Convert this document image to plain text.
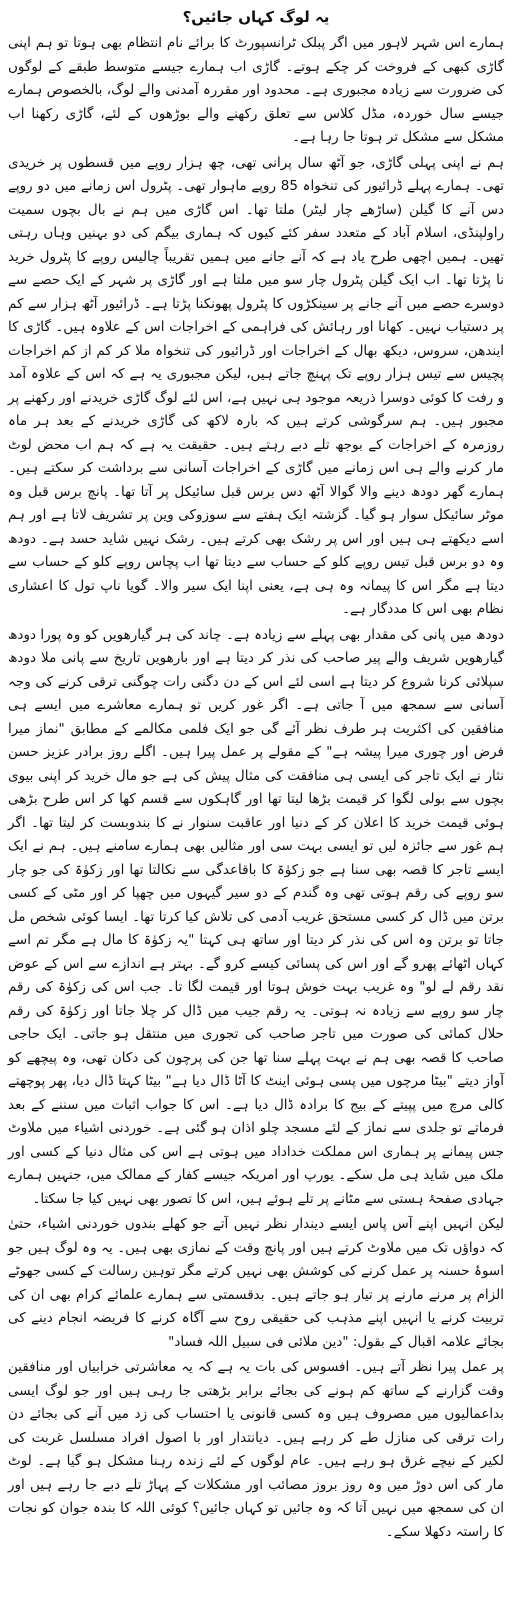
یہ لوگ کہاں جائیں؟

ہمارے اس شہر لاہور میں اگر پبلک ٹرانسپورٹ کا برائے نام انتظام بھی ہوتا تو ہم اپنی گاڑی کبھی کے فروخت کر چکے ہوتے۔ گاڑی اب ہمارے جیسے متوسط طبقے کے لوگوں کی ضرورت سے زیادہ مجبوری ہے۔ محدود اور مقررہ آمدنی والے لوگ، بالخصوص ہمارے جیسے سال خوردہ، مڈل کلاس سے تعلق رکھنے والے بوڑھوں کے لئے، گاڑی رکھنا اب مشکل سے مشکل تر ہوتا جا رہا ہے۔

ہم نے اپنی پہلی گاڑی، جو آٹھ سال پرانی تھی، چھ ہزار روپے میں قسطوں پر خریدی تھی۔ ہمارے پہلے ڈرائیور کی تنخواہ 85 روپے ماہوار تھی۔ پٹرول اس زمانے میں دو روپے دس آنے کا گیلن (ساڑھے چار لیٹر) ملتا تھا۔ اس گاڑی میں ہم نے بال بچوں سمیت راولپنڈی، اسلام آباد کے متعدد سفر کئے کیوں کہ ہماری بیگم کی دو بہنیں وہاں رہتی تھیں۔ ہمیں اچھی طرح یاد ہے کہ آنے جانے میں ہمیں تقریباً چالیس روپے کا پٹرول خرید نا پڑتا تھا۔ اب ایک گیلن پٹرول چار سو میں ملتا ہے اور گاڑی پر شہر کے ایک حصے سے دوسرے حصے میں آنے جانے پر سینکڑوں کا پٹرول پھونکنا پڑتا ہے۔ ڈرائیور آٹھ ہزار سے کم پر دستیاب نہیں۔ کھانا اور رہائش کی فراہمی کے اخراجات اس کے علاوہ ہیں۔ گاڑی کا ایندھن، سروس، دیکھ بھال کے اخراجات اور ڈرائیور کی تنخواہ ملا کر کم از کم اخراجات پچیس سے تیس ہزار روپے تک پہنچ جاتے ہیں، لیکن مجبوری یہ ہے کہ اس کے علاوہ آمد و رفت کا کوئی دوسرا ذریعہ موجود ہی نہیں ہے، اس لئے لوگ گاڑی خریدنے اور رکھنے پر مجبور ہیں۔ ہم سرگوشی کرتے ہیں کہ بارہ لاکھ کی گاڑی خریدنے کے بعد ہر ماہ روزمرہ کے اخراجات کے بوجھ تلے دبے رہتے ہیں۔ حقیقت یہ ہے کہ ہم اب محض لوٹ مار کرنے والے ہی اس زمانے میں گاڑی کے اخراجات آسانی سے برداشت کر سکتے ہیں۔ ہمارے گھر دودھ دینے والا گوالا آٹھ دس برس قبل سائیکل پر آتا تھا۔ پانچ برس قبل وہ موٹر سائیکل سوار ہو گیا۔ گزشتہ ایک ہفتے سے سوزوکی وین پر تشریف لاتا ہے اور ہم اسے دیکھتے ہی ہیں اور اس پر رشک بھی کرتے ہیں۔ رشک نہیں شاید حسد ہے۔ دودھ وہ دو برس قبل تیس روپے کلو کے حساب سے دیتا تھا اب پچاس روپے کلو کے حساب سے دیتا ہے مگر اس کا پیمانہ وہ ہی ہے، یعنی اپنا ایک سیر والا۔ گویا ناپ تول کا اعشاری نظام بھی اس کا مددگار ہے۔

دودھ میں پانی کی مقدار بھی پہلے سے زیادہ ہے۔ چاند کی ہر گیارھویں کو وہ پورا دودھ گیارھویں شریف والے پیر صاحب کی نذر کر دیتا ہے اور بارھویں تاریخ سے پانی ملا دودھ سپلائی کرنا شروع کر دیتا ہے اسی لئے اس کے دن دگنی رات چوگنی ترقی کرنے کی وجہ آسانی سے سمجھ میں آ جاتی ہے۔ اگر غور کریں تو ہمارے معاشرے میں ایسے ہی منافقین کی اکثریت ہر طرف نظر آئے گی جو ایک فلمی مکالمے کے مطابق "نماز میرا فرض اور چوری میرا پیشہ ہے" کے مقولے پر عمل پیرا ہیں۔ اگلے روز برادر عزیز حسن نثار نے ایک تاجر کی ایسی ہی منافقت کی مثال پیش کی ہے جو مال خرید کر اپنی بیوی بچوں سے بولی لگوا کر قیمت بڑھا لیتا تھا اور گاہکوں سے قسم کھا کر اس طرح بڑھی ہوئی قیمت خرید کا اعلان کر کے دنیا اور عاقبت سنوار نے کا بندوبست کر لیتا تھا۔ اگر ہم غور سے جائزہ لیں تو ایسی بہت سی اور مثالیں بھی ہمارے سامنے ہیں۔ ہم نے ایک ایسے تاجر کا قصہ بھی سنا ہے جو زکوٰۃ کا باقاعدگی سے نکالتا تھا اور زکوٰۃ کی جو چار سو روپے کی رقم ہوتی تھی وہ گندم کے دو سیر گیہوں میں چھپا کر اور مٹی کے کسی برتن میں ڈال کر کسی مستحق غریب آدمی کی تلاش کیا کرتا تھا۔ ایسا کوئی شخص مل جاتا تو برتن وہ اس کی نذر کر دیتا اور ساتھ ہی کہتا "یہ زکوٰۃ کا مال ہے مگر تم اسے کہاں اٹھائے پھرو گے اور اس کی پسائی کیسے کرو گے۔ بہتر ہے اندازے سے اس کے عوض نقد رقم لے لو" وہ غریب بہت خوش ہوتا اور قیمت لگا تا۔ جب اس کی زکوٰۃ کی رقم چار سو روپے سے زیادہ نہ ہوتی۔ یہ رقم جیب میں ڈال کر چلا جاتا اور زکوٰۃ کی رقم حلال کمائی کی صورت میں تاجر صاحب کی تجوری میں منتقل ہو جاتی۔ ایک حاجی صاحب کا قصہ بھی ہم نے بہت پہلے سنا تھا جن کی پرچون کی دکان تھی، وہ پیچھے کو آواز دیتے "بیٹا مرچوں میں پسی ہوئی اینٹ کا آٹا ڈال دیا ہے" بیٹا کہتا ڈال دیا، پھر پوچھتے کالی مرچ میں پپیتے کے بیج کا برادہ ڈال دیا ہے۔ اس کا جواب اثبات میں سننے کے بعد فرماتے تو جلدی سے نماز کے لئے مسجد چلو اذان ہو گئی ہے۔ خوردنی اشیاء میں ملاوٹ جس پیمانے پر ہماری اس مملکت خداداد میں ہوتی ہے اس کی مثال دنیا کے کسی اور ملک میں شاید ہی مل سکے۔ یورپ اور امریکہ جیسے کفار کے ممالک میں، جنہیں ہمارے جہادی صفحۂ ہستی سے مٹانے پر تلے ہوئے ہیں، اس کا تصور بھی نہیں کیا جا سکتا۔

لیکن انہیں اپنے آس پاس ایسے دیندار نظر نہیں آتے جو کھلے بندوں خوردنی اشیاء، حتیٰ کہ دواؤں تک میں ملاوٹ کرتے ہیں اور پانچ وقت کے نمازی بھی ہیں۔ یہ وہ لوگ ہیں جو اسوۂ حسنہ پر عمل کرنے کی کوشش بھی نہیں کرتے مگر توہین رسالت کے کسی جھوٹے الزام پر مرنے مارنے پر تیار ہو جاتے ہیں۔ بدقسمتی سے ہمارے علمائے کرام بھی ان کی تربیت کرنے یا انہیں اپنے مذہب کی حقیقی روح سے آگاہ کرنے کا فریضہ انجام دینے کی بجائے علامہ اقبال کے بقول: "دین ملائی فی سبیل اللہ فساد"

پر عمل پیرا نظر آتے ہیں۔ افسوس کی بات یہ ہے کہ یہ معاشرتی خرابیاں اور منافقین وقت گزارنے کے ساتھ کم ہونے کی بجائے برابر بڑھتی جا رہی ہیں اور جو لوگ ایسی بداعمالیوں میں مصروف ہیں وہ کسی قانونی یا احتساب کی زد میں آنے کی بجائے دن رات ترقی کی منازل طے کر رہے ہیں۔ دیانتدار اور با اصول افراد مسلسل غربت کی لکیر کے نیچے غرق ہو رہے ہیں۔ عام لوگوں کے لئے زندہ رہنا مشکل ہو گیا ہے۔ لوٹ مار کی اس دوڑ میں وہ روز بروز مصائب اور مشکلات کے پہاڑ تلے دبے جا رہے ہیں اور ان کی سمجھ میں نہیں آتا کہ وہ جائیں تو کہاں جائیں؟ کوئی اللہ کا بندہ جوان کو نجات کا راستہ دکھلا سکے۔
